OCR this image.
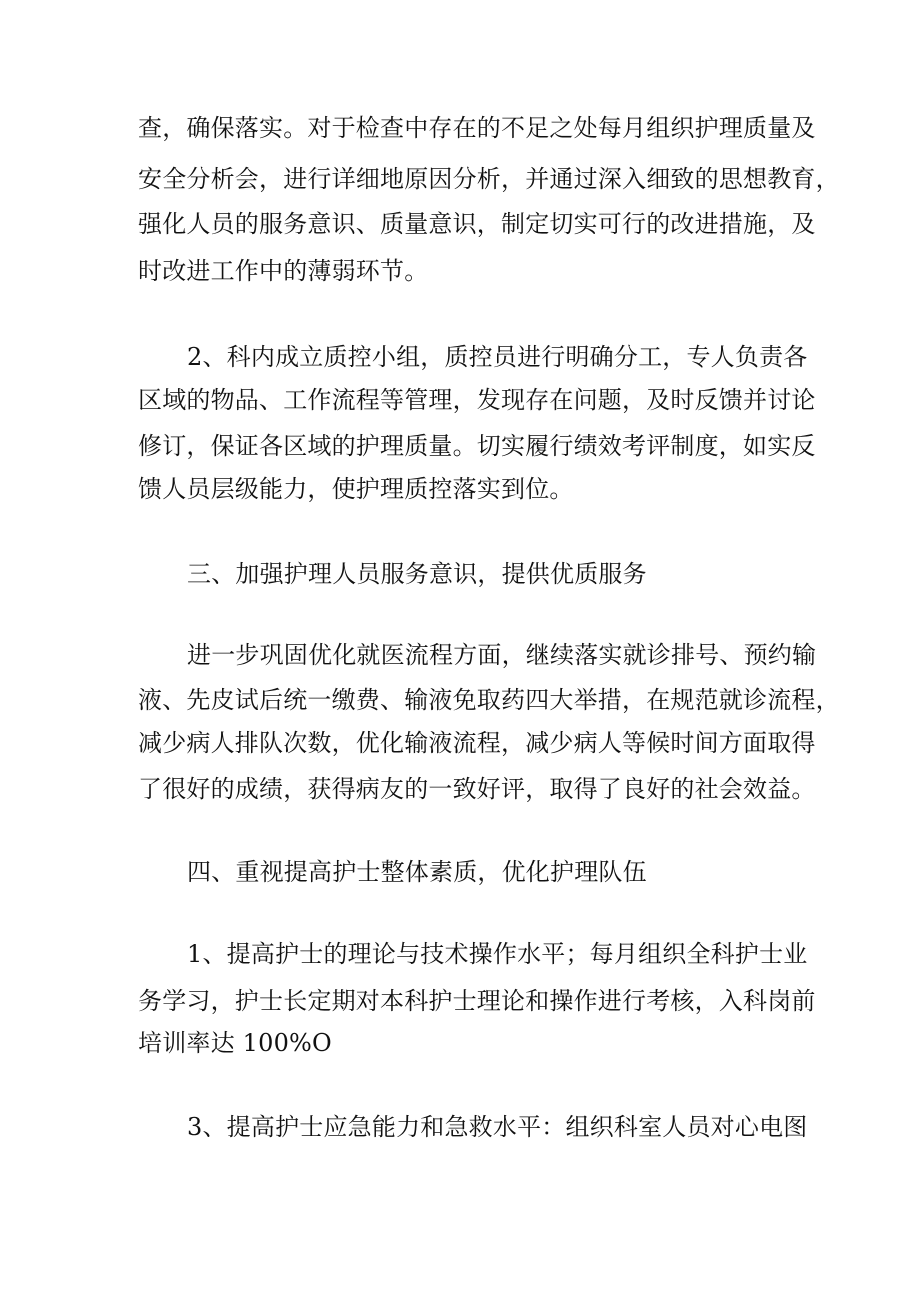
查，确保落实。对于检查中存在的不足之处每月组织护理质量及
安全分析会，进行详细地原因分析，并通过深入细致的思想教育，
强化人员的服务意识、质量意识，制定切实可行的改进措施，及
时改进工作中的薄弱环节。
2、科内成立质控小组，质控员进行明确分工，专人负责各
区域的物品、工作流程等管理，发现存在问题，及时反馈并讨论
修订，保证各区域的护理质量。切实履行绩效考评制度，如实反
馈人员层级能力，使护理质控落实到位。
三、加强护理人员服务意识，提供优质服务
进一步巩固优化就医流程方面，继续落实就诊排号、预约输
液、先皮试后统一缴费、输液免取药四大举措，在规范就诊流程，
减少病人排队次数，优化输液流程，减少病人等候时间方面取得
了很好的成绩，获得病友的一致好评，取得了良好的社会效益。
四、重视提高护士整体素质，优化护理队伍
1、提高护士的理论与技术操作水平；每月组织全科护士业
务学习，护士长定期对本科护士理论和操作进行考核，入科岗前
培训率达 100%O
3、提高护士应急能力和急救水平：组织科室人员对心电图
